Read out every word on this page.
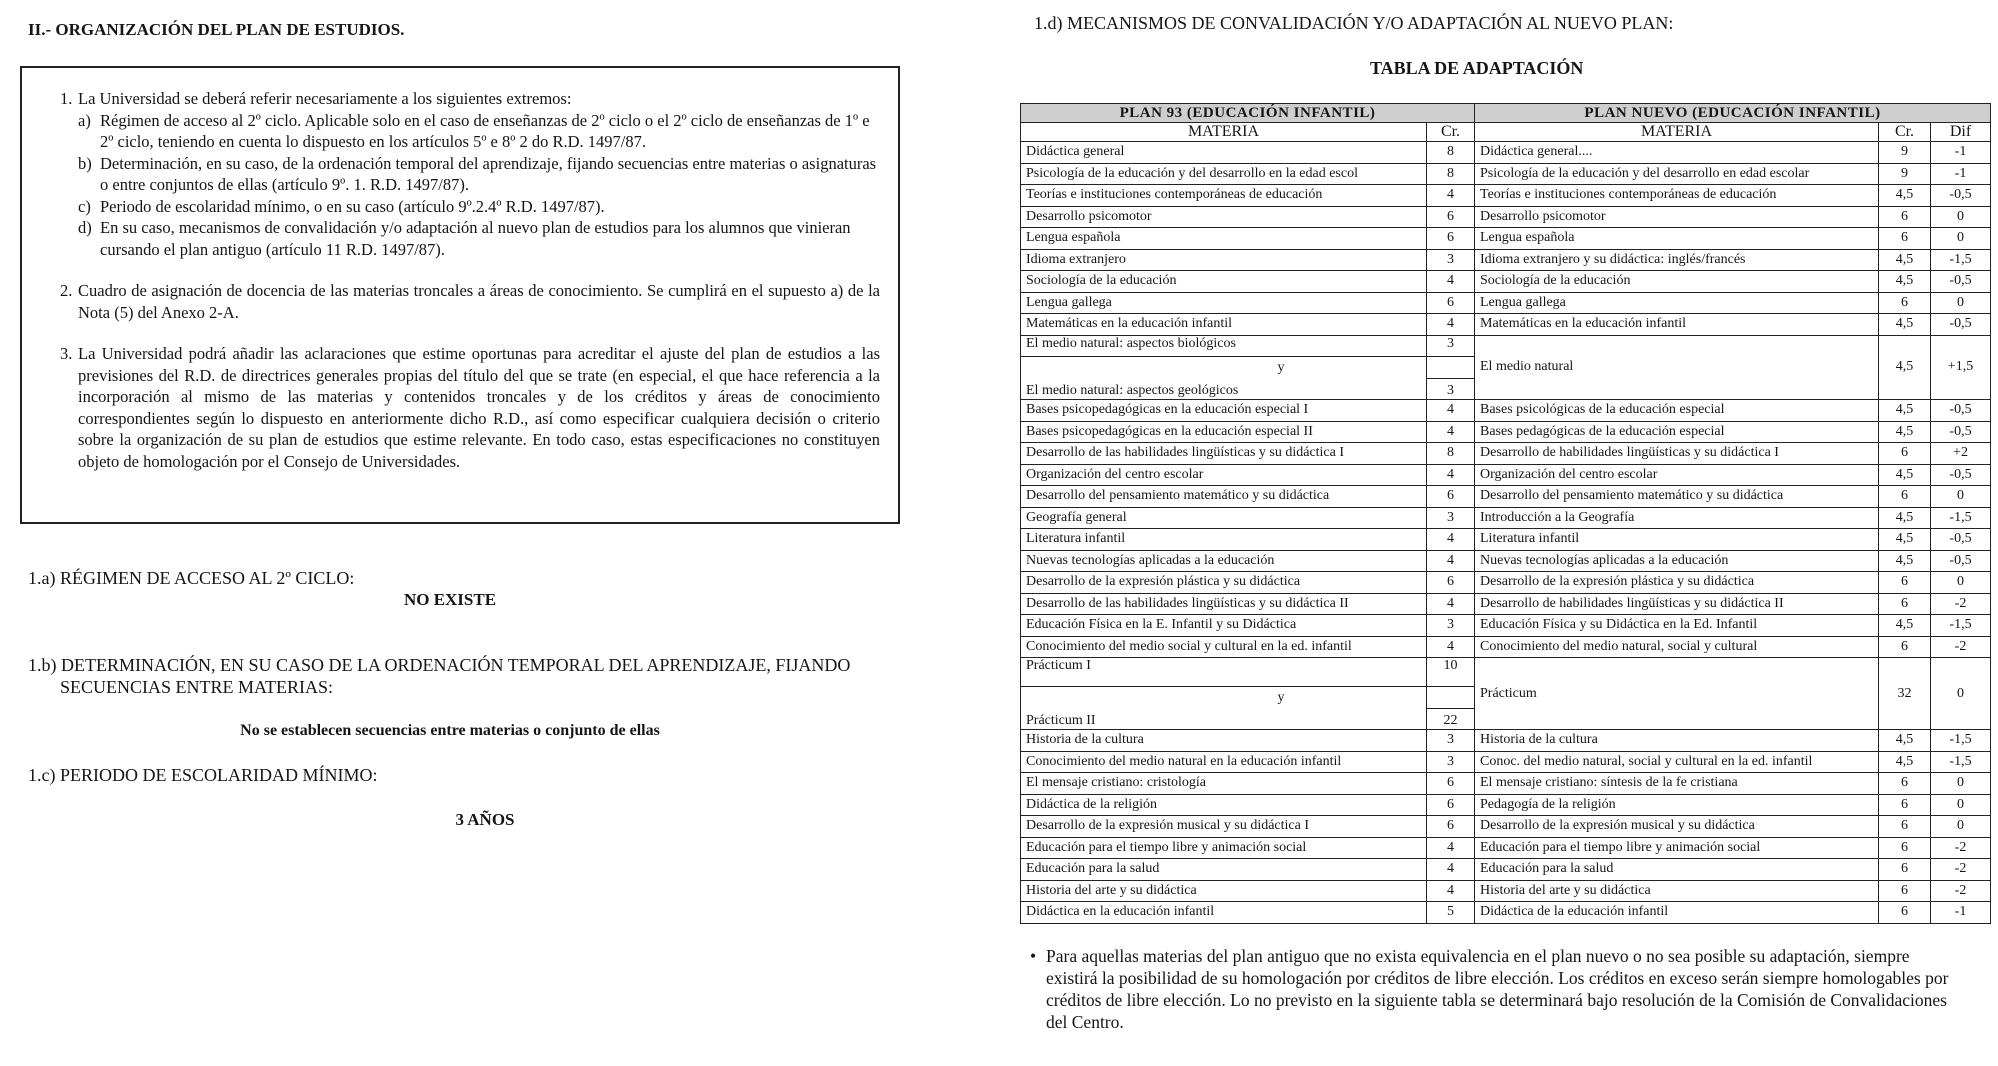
II.- ORGANIZACIÓN DEL PLAN DE ESTUDIOS.
1. La Universidad se deberá referir necesariamente a los siguientes extremos:
a) Régimen de acceso al 2º ciclo. Aplicable solo en el caso de enseñanzas de 2º ciclo o el 2º ciclo de enseñanzas de 1º e 2º ciclo, teniendo en cuenta lo dispuesto en los artículos 5º e 8º 2 do R.D. 1497/87.
b) Determinación, en su caso, de la ordenación temporal del aprendizaje, fijando secuencias entre materias o asignaturas o entre conjuntos de ellas (artículo 9º. 1. R.D. 1497/87).
c) Periodo de escolaridad mínimo, o en su caso (artículo 9º.2.4º R.D. 1497/87).
d) En su caso, mecanismos de convalidación y/o adaptación al nuevo plan de estudios para los alumnos que vinieran cursando el plan antiguo (artículo 11 R.D. 1497/87).
2. Cuadro de asignación de docencia de las materias troncales a áreas de conocimiento. Se cumplirá en el supuesto a) de la Nota (5) del Anexo 2-A.
3. La Universidad podrá añadir las aclaraciones que estime oportunas para acreditar el ajuste del plan de estudios a las previsiones del R.D. de directrices generales propias del título del que se trate (en especial, el que hace referencia a la incorporación al mismo de las materias y contenidos troncales y de los créditos y áreas de conocimiento correspondientes según lo dispuesto en anteriormente dicho R.D., así como especificar cualquiera decisión o criterio sobre la organización de su plan de estudios que estime relevante. En todo caso, estas especificaciones no constituyen objeto de homologación por el Consejo de Universidades.
1.a) RÉGIMEN DE ACCESO AL 2º CICLO:
NO EXISTE
1.b) DETERMINACIÓN, EN SU CASO DE LA ORDENACIÓN TEMPORAL DEL APRENDIZAJE, FIJANDO
SECUENCIAS ENTRE MATERIAS:
No se establecen secuencias entre materias o conjunto de ellas
1.c) PERIODO DE ESCOLARIDAD MÍNIMO:
3 AÑOS
1.d) MECANISMOS DE CONVALIDACIÓN Y/O ADAPTACIÓN AL NUEVO PLAN:
TABLA DE ADAPTACIÓN
PLAN 93 (EDUCACIÓN INFANTIL)		PLAN NUEVO (EDUCACIÓN INFANTIL)		
MATERIA	Cr.	MATERIA	Cr.	Dif
Didáctica general	8	Didáctica general....	9	-1
Psicología de la educación y del desarrollo en la edad escol	8	Psicología de la educación y del desarrollo en edad escolar	9	-1
Teorías e instituciones contemporáneas de educación	4	Teorías e instituciones contemporáneas de educación	4,5	-0,5
Desarrollo psicomotor	6	Desarrollo psicomotor	6	0
Lengua española	6	Lengua española	6	0
Idioma extranjero	3	Idioma extranjero y su didáctica: inglés/francés	4,5	-1,5
Sociología de la educación	4	Sociología de la educación	4,5	-0,5
Lengua gallega	6	Lengua gallega	6	0
Matemáticas en la educación infantil	4	Matemáticas en la educación infantil	4,5	-0,5
El medio natural: aspectos biológicos	3	El medio natural	4,5	+1,5
y				
El medio natural: aspectos geológicos	3			
Bases psicopedagógicas en la educación especial I	4	Bases psicológicas de la educación especial	4,5	-0,5
Bases psicopedagógicas en la educación especial II	4	Bases pedagógicas de la educación especial	4,5	-0,5
Desarrollo de las habilidades lingüísticas y su didáctica I	8	Desarrollo de habilidades lingüísticas y su didáctica I	6	+2
Organización del centro escolar	4	Organización del centro escolar	4,5	-0,5
Desarrollo del pensamiento matemático y su didáctica	6	Desarrollo del pensamiento matemático y su didáctica	6	0
Geografía general	3	Introducción a la Geografía	4,5	-1,5
Literatura infantil	4	Literatura infantil	4,5	-0,5
Nuevas tecnologías aplicadas a la educación	4	Nuevas tecnologías aplicadas a la educación	4,5	-0,5
Desarrollo de la expresión plástica y su didáctica	6	Desarrollo de la expresión plástica y su didáctica	6	0
Desarrollo de las habilidades lingüísticas y su didáctica II	4	Desarrollo de habilidades lingüísticas y su didáctica II	6	-2
Educación Física en la E. Infantil y su Didáctica	3	Educación Física y su Didáctica en la Ed. Infantil	4,5	-1,5
Conocimiento del medio social y cultural en la ed. infantil	4	Conocimiento del medio natural, social y cultural	6	-2
Prácticum I	10	Prácticum	32	0
y				
Prácticum II	22			
Historia de la cultura	3	Historia de la cultura	4,5	-1,5
Conocimiento del medio natural en la educación infantil	3	Conoc. del medio natural, social y cultural en la ed. infantil	4,5	-1,5
El mensaje cristiano: cristología	6	El mensaje cristiano: síntesis de la fe cristiana	6	0
Didáctica de la religión	6	Pedagogía de la religión	6	0
Desarrollo de la expresión musical y su didáctica I	6	Desarrollo de la expresión musical y su didáctica	6	0
Educación para el tiempo libre y animación social	4	Educación para el tiempo libre y animación social	6	-2
Educación para la salud	4	Educación para la salud	6	-2
Historia del arte y su didáctica	4	Historia del arte y su didáctica	6	-2
Didáctica en la educación infantil	5	Didáctica de la educación infantil	6	-1
• Para aquellas materias del plan antiguo que no exista equivalencia en el plan nuevo o no sea posible su adaptación, siempre existirá la posibilidad de su homologación por créditos de libre elección. Los créditos en exceso serán siempre homologables por créditos de libre elección. Lo no previsto en la siguiente tabla se determinará bajo resolución de la Comisión de Convalidaciones del Centro.
